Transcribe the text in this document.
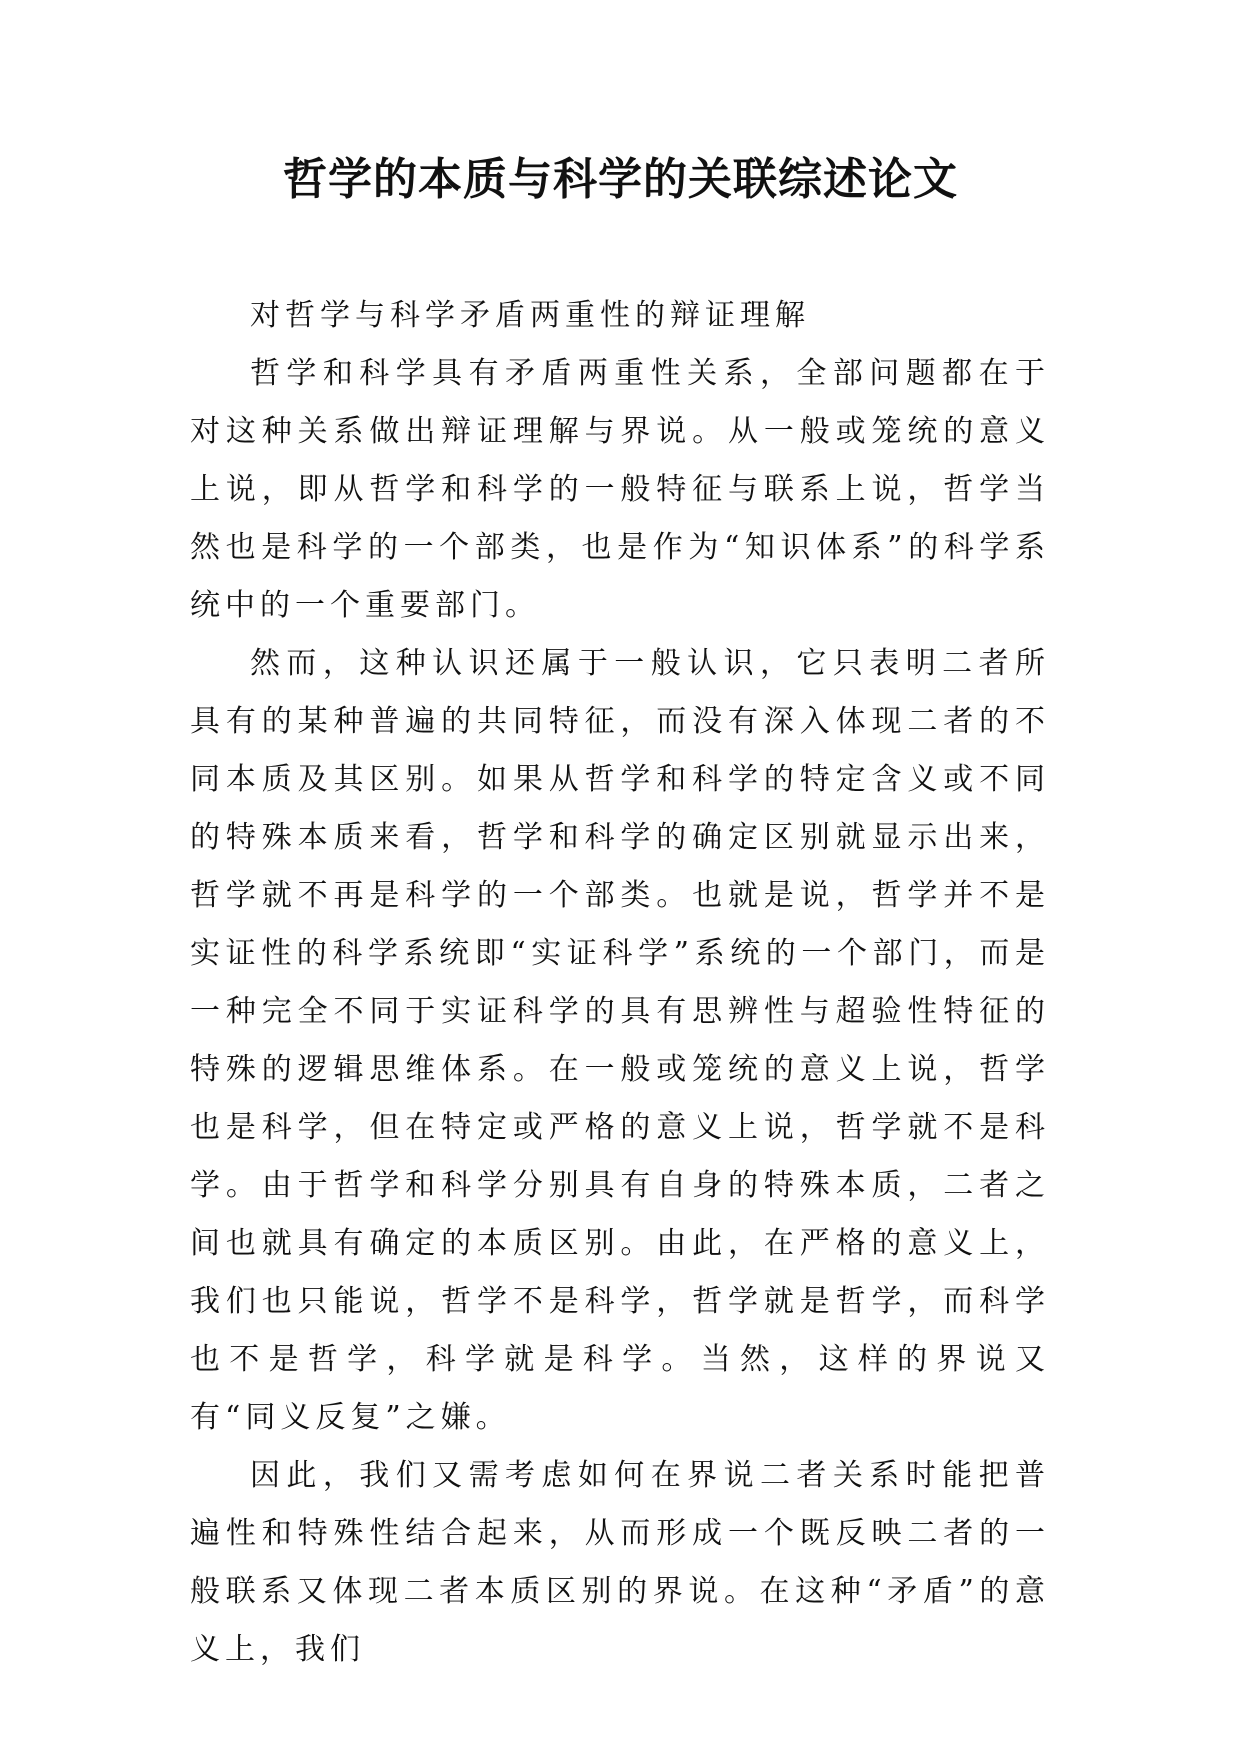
哲学的本质与科学的关联综述论文

对哲学与科学矛盾两重性的辩证理解

哲学和科学具有矛盾两重性关系，全部问题都在于对这种关系做出辩证理解与界说。从一般或笼统的意义上说，即从哲学和科学的一般特征与联系上说，哲学当然也是科学的一个部类，也是作为“知识体系”的科学系统中的一个重要部门。

然而，这种认识还属于一般认识，它只表明二者所具有的某种普遍的共同特征，而没有深入体现二者的不同本质及其区别。如果从哲学和科学的特定含义或不同的特殊本质来看，哲学和科学的确定区别就显示出来，哲学就不再是科学的一个部类。也就是说，哲学并不是实证性的科学系统即“实证科学”系统的一个部门，而是一种完全不同于实证科学的具有思辨性与超验性特征的特殊的逻辑思维体系。在一般或笼统的意义上说，哲学也是科学，但在特定或严格的意义上说，哲学就不是科学。由于哲学和科学分别具有自身的特殊本质，二者之间也就具有确定的本质区别。由此，在严格的意义上，我们也只能说，哲学不是科学，哲学就是哲学，而科学也不是哲学，科学就是科学。当然，这样的界说又有“同义反复”之嫌。

因此，我们又需考虑如何在界说二者关系时能把普遍性和特殊性结合起来，从而形成一个既反映二者的一般联系又体现二者本质区别的界说。在这种“矛盾”的意义上，我们
